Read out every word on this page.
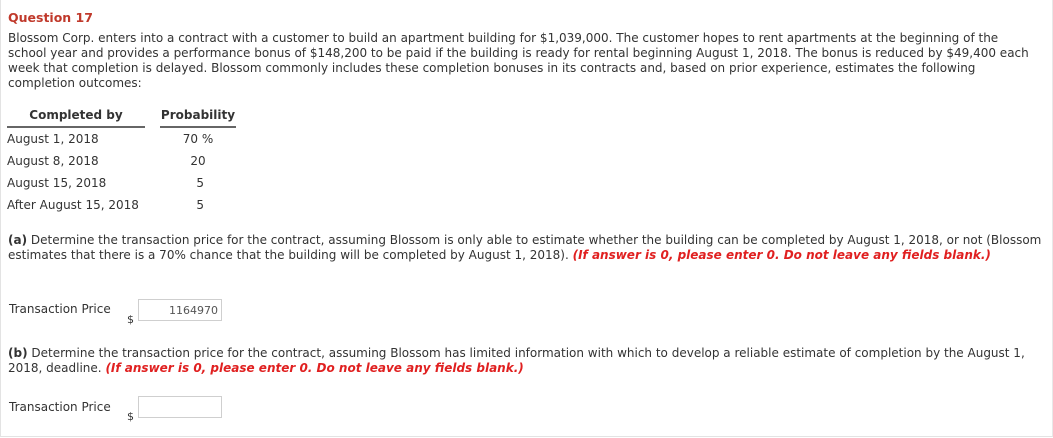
Question 17
Blossom Corp. enters into a contract with a customer to build an apartment building for $1,039,000. The customer hopes to rent apartments at the beginning of the school year and provides a performance bonus of $148,200 to be paid if the building is ready for rental beginning August 1, 2018. The bonus is reduced by $49,400 each week that completion is delayed. Blossom commonly includes these completion bonuses in its contracts and, based on prior experience, estimates the following completion outcomes:
Completed by		Probability
August 1, 2018		70 %
August 8, 2018		20
August 15, 2018		5
After August 15, 2018		5
(a) Determine the transaction price for the contract, assuming Blossom is only able to estimate whether the building can be completed by August 1, 2018, or not (Blossom estimates that there is a 70% chance that the building will be completed by August 1, 2018). (If answer is 0, please enter 0. Do not leave any fields blank.)
Transaction Price
$
1164970
(b) Determine the transaction price for the contract, assuming Blossom has limited information with which to develop a reliable estimate of completion by the August 1, 2018, deadline. (If answer is 0, please enter 0. Do not leave any fields blank.)
Transaction Price
$
